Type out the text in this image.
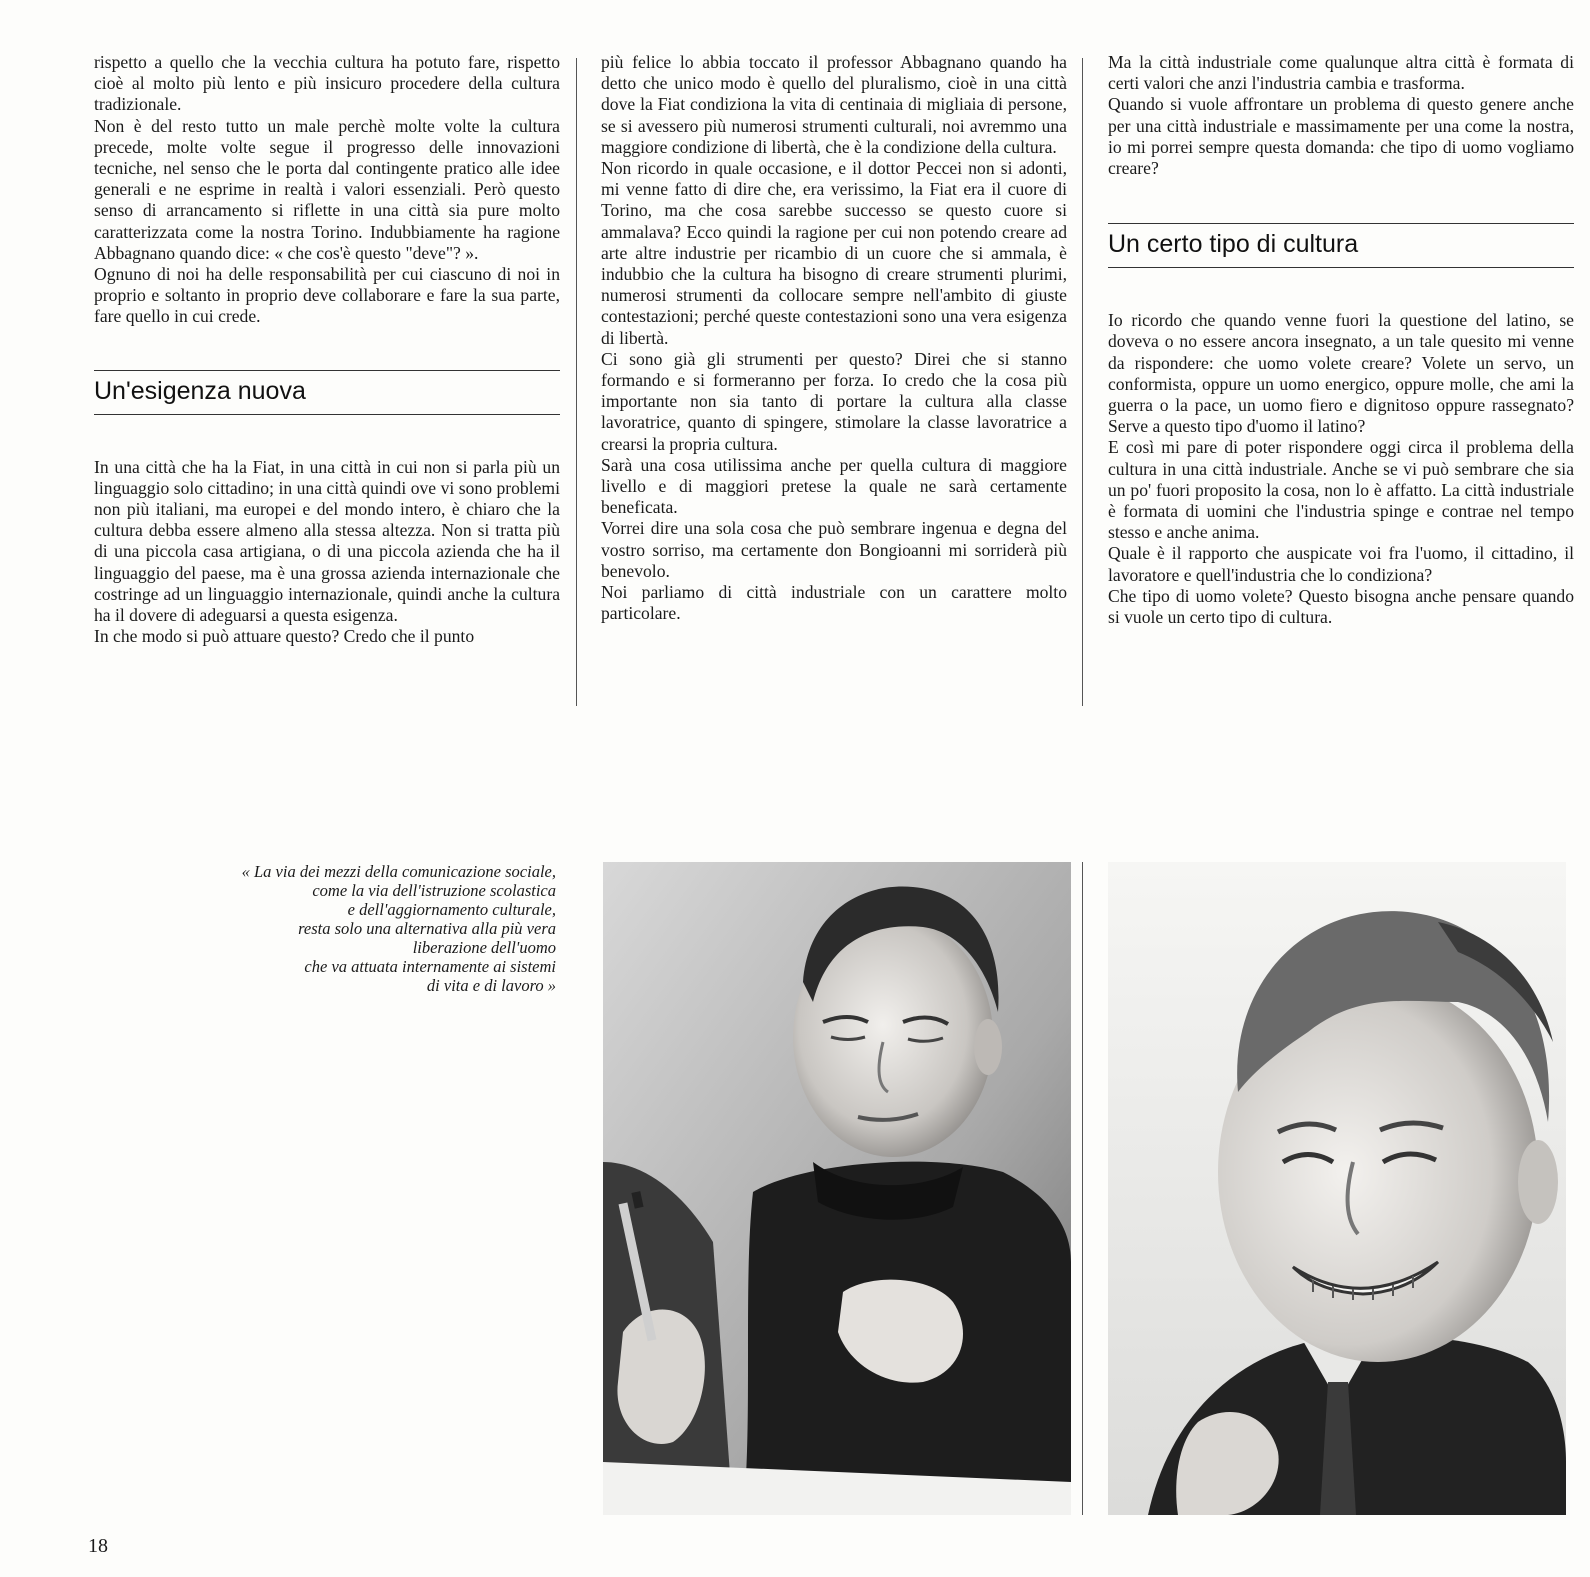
rispetto a quello che la vecchia cultura ha potuto fare, rispetto cioè al molto più lento e più insicuro procedere della cultura tradizionale.

Non è del resto tutto un male perchè molte volte la cultura precede, molte volte segue il progresso delle innovazioni tecniche, nel senso che le porta dal contingente pratico alle idee generali e ne esprime in realtà i valori essenziali. Però questo senso di arrancamento si riflette in una città sia pure molto caratterizzata come la nostra Torino. Indubbiamente ha ragione Abbagnano quando dice: « che cos'è questo "deve"? ».

Ognuno di noi ha delle responsabilità per cui ciascuno di noi in proprio e soltanto in proprio deve collaborare e fare la sua parte, fare quello in cui crede.

Un'esigenza nuova

In una città che ha la Fiat, in una città in cui non si parla più un linguaggio solo cittadino; in una città quindi ove vi sono problemi non più italiani, ma europei e del mondo intero, è chiaro che la cultura debba essere almeno alla stessa altezza. Non si tratta più di una piccola casa artigiana, o di una piccola azienda che ha il linguaggio del paese, ma è una grossa azienda internazionale che costringe ad un linguaggio internazionale, quindi anche la cultura ha il dovere di adeguarsi a questa esigenza.

In che modo si può attuare questo? Credo che il punto

più felice lo abbia toccato il professor Abbagnano quando ha detto che unico modo è quello del pluralismo, cioè in una città dove la Fiat condiziona la vita di centinaia di migliaia di persone, se si avessero più numerosi strumenti culturali, noi avremmo una maggiore condizione di libertà, che è la condizione della cultura.

Non ricordo in quale occasione, e il dottor Peccei non si adonti, mi venne fatto di dire che, era verissimo, la Fiat era il cuore di Torino, ma che cosa sarebbe successo se questo cuore si ammalava? Ecco quindi la ragione per cui non potendo creare ad arte altre industrie per ricambio di un cuore che si ammala, è indubbio che la cultura ha bisogno di creare strumenti plurimi, numerosi strumenti da collocare sempre nell'ambito di giuste contestazioni; perché queste contestazioni sono una vera esigenza di libertà.

Ci sono già gli strumenti per questo? Direi che si stanno formando e si formeranno per forza. Io credo che la cosa più importante non sia tanto di portare la cultura alla classe lavoratrice, quanto di spingere, stimolare la classe lavoratrice a crearsi la propria cultura.

Sarà una cosa utilissima anche per quella cultura di maggiore livello e di maggiori pretese la quale ne sarà certamente beneficata.

Vorrei dire una sola cosa che può sembrare ingenua e degna del vostro sorriso, ma certamente don Bongioanni mi sorriderà più benevolo.

Noi parliamo di città industriale con un carattere molto particolare.

Ma la città industriale come qualunque altra città è formata di certi valori che anzi l'industria cambia e trasforma.

Quando si vuole affrontare un problema di questo genere anche per una città industriale e massimamente per una come la nostra, io mi porrei sempre questa domanda: che tipo di uomo vogliamo creare?

Un certo tipo di cultura

Io ricordo che quando venne fuori la questione del latino, se doveva o no essere ancora insegnato, a un tale quesito mi venne da rispondere: che uomo volete creare? Volete un servo, un conformista, oppure un uomo energico, oppure molle, che ami la guerra o la pace, un uomo fiero e dignitoso oppure rassegnato? Serve a questo tipo d'uomo il latino?

E così mi pare di poter rispondere oggi circa il problema della cultura in una città industriale. Anche se vi può sembrare che sia un po' fuori proposito la cosa, non lo è affatto. La città industriale è formata di uomini che l'industria spinge e contrae nel tempo stesso e anche anima.

Quale è il rapporto che auspicate voi fra l'uomo, il cittadino, il lavoratore e quell'industria che lo condiziona?

Che tipo di uomo volete? Questo bisogna anche pensare quando si vuole un certo tipo di cultura.

« La via dei mezzi della comunicazione sociale,
come la via dell'istruzione scolastica
e dell'aggiornamento culturale,
resta solo una alternativa alla più vera
liberazione dell'uomo
che va attuata internamente ai sistemi
di vita e di lavoro »
18
